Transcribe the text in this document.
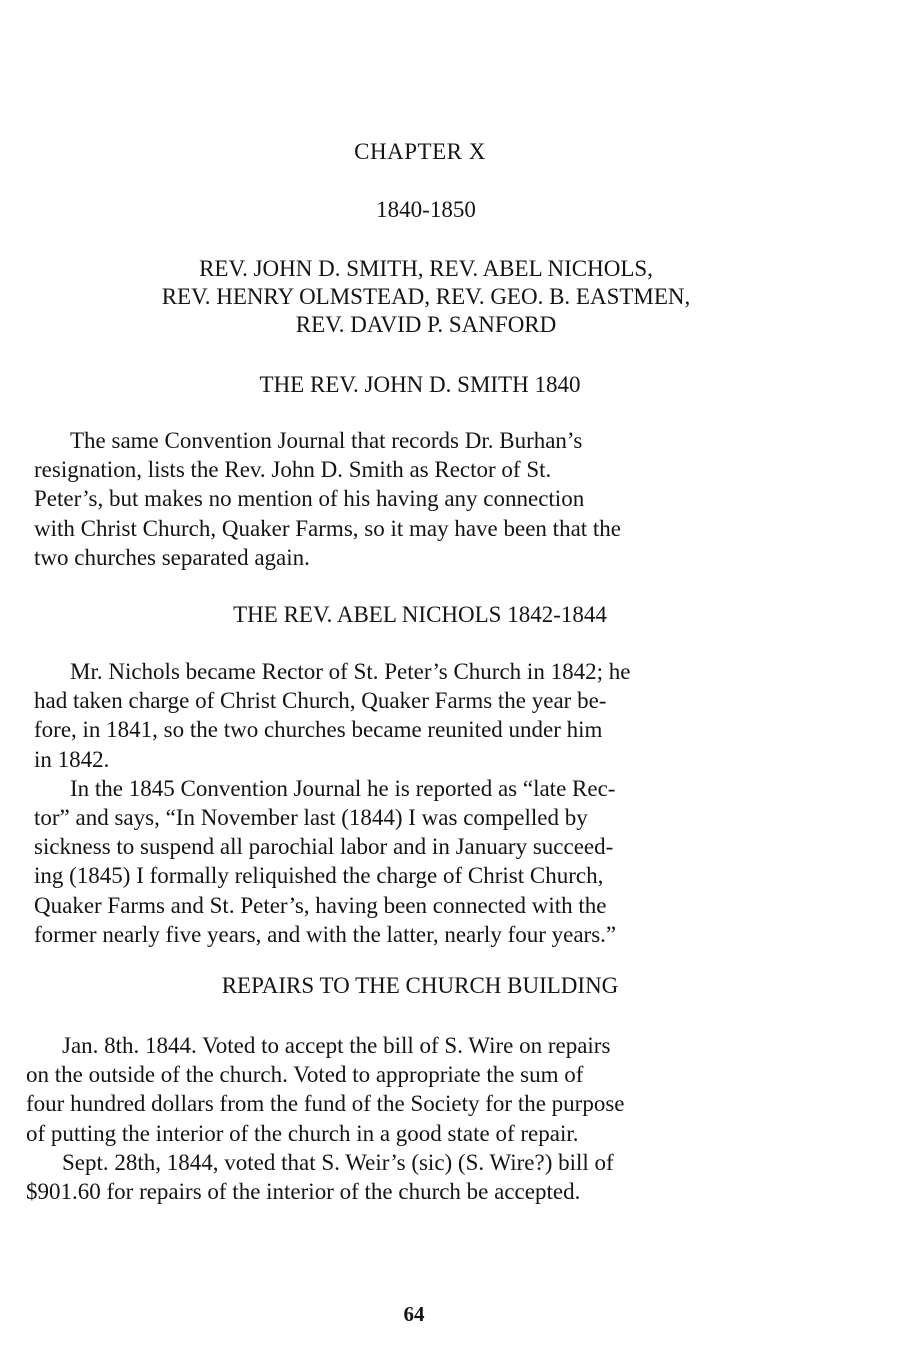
CHAPTER X
1840-1850
REV. JOHN D. SMITH, REV. ABEL NICHOLS,
REV. HENRY OLMSTEAD, REV. GEO. B. EASTMEN,
REV. DAVID P. SANFORD
THE REV. JOHN D. SMITH 1840
The same Convention Journal that records Dr. Burhan’s
resignation, lists the Rev. John D. Smith as Rector of St.
Peter’s, but makes no mention of his having any connection
with Christ Church, Quaker Farms, so it may have been that the
two churches separated again.
THE REV. ABEL NICHOLS 1842-1844
Mr. Nichols became Rector of St. Peter’s Church in 1842; he
had taken charge of Christ Church, Quaker Farms the year be-
fore, in 1841, so the two churches became reunited under him
in 1842.
In the 1845 Convention Journal he is reported as “late Rec-
tor” and says, “In November last (1844) I was compelled by
sickness to suspend all parochial labor and in January succeed-
ing (1845) I formally reliquished the charge of Christ Church,
Quaker Farms and St. Peter’s, having been connected with the
former nearly five years, and with the latter, nearly four years.”
REPAIRS TO THE CHURCH BUILDING
Jan. 8th. 1844. Voted to accept the bill of S. Wire on repairs
on the outside of the church. Voted to appropriate the sum of
four hundred dollars from the fund of the Society for the purpose
of putting the interior of the church in a good state of repair.
Sept. 28th, 1844, voted that S. Weir’s (sic) (S. Wire?) bill of
$901.60 for repairs of the interior of the church be accepted.
64
